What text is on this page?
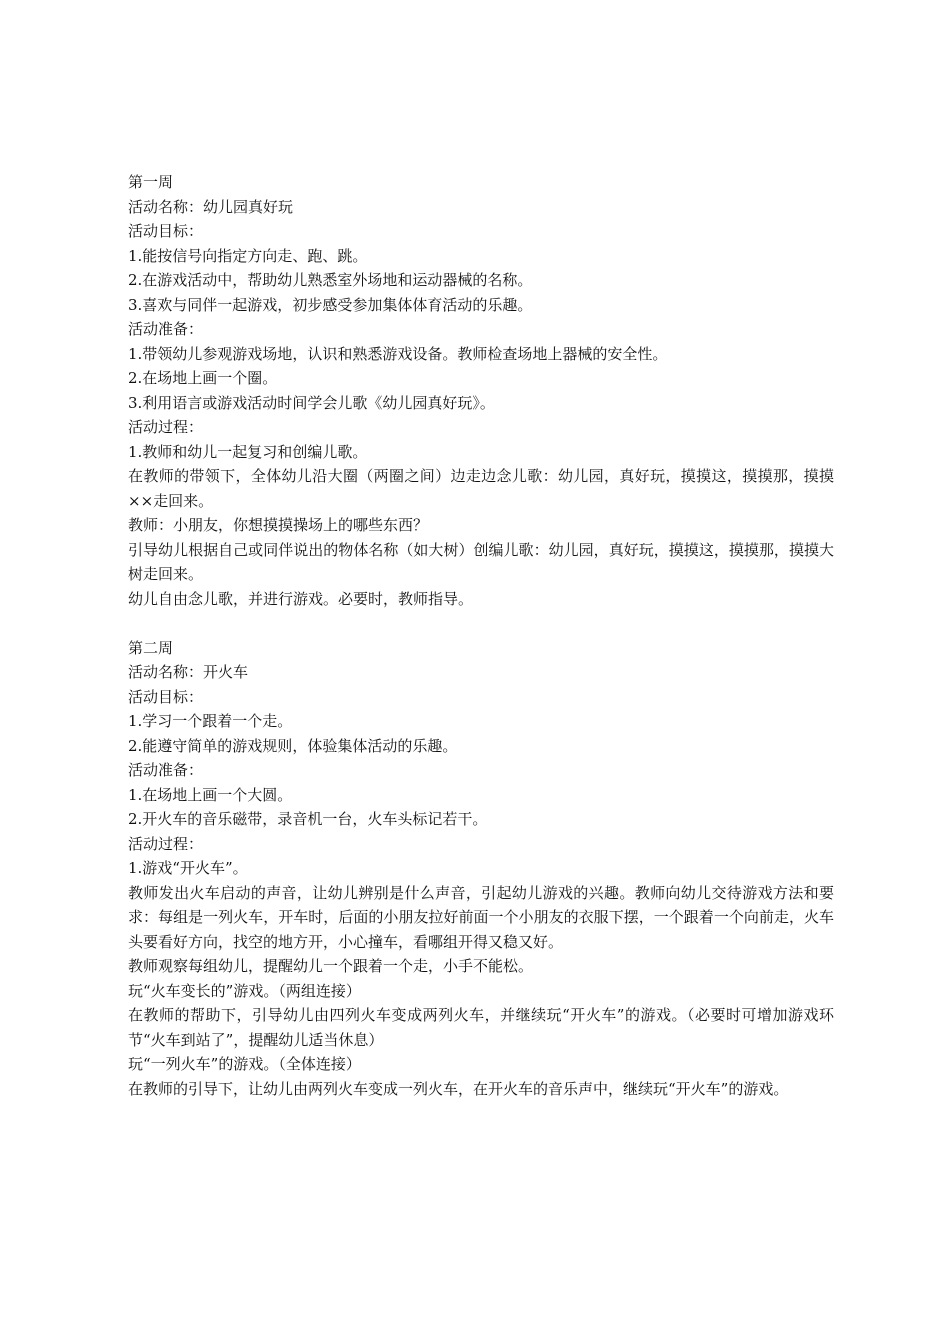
第一周

活动名称：幼儿园真好玩

活动目标：

1.能按信号向指定方向走、跑、跳。

2.在游戏活动中，帮助幼儿熟悉室外场地和运动器械的名称。

3.喜欢与同伴一起游戏，初步感受参加集体体育活动的乐趣。

活动准备：

1.带领幼儿参观游戏场地，认识和熟悉游戏设备。教师检查场地上器械的安全性。

2.在场地上画一个圈。

3.利用语言或游戏活动时间学会儿歌《幼儿园真好玩》。

活动过程：

1.教师和幼儿一起复习和创编儿歌。

在教师的带领下，全体幼儿沿大圈（两圈之间）边走边念儿歌：幼儿园，真好玩，摸摸这，摸摸那，摸摸××走回来。

教师：小朋友，你想摸摸操场上的哪些东西？

引导幼儿根据自己或同伴说出的物体名称（如大树）创编儿歌：幼儿园，真好玩，摸摸这，摸摸那，摸摸大树走回来。

幼儿自由念儿歌，并进行游戏。必要时，教师指导。

第二周

活动名称：开火车

活动目标：

1.学习一个跟着一个走。

2.能遵守简单的游戏规则，体验集体活动的乐趣。

活动准备：

1.在场地上画一个大圆。

2.开火车的音乐磁带，录音机一台，火车头标记若干。

活动过程：

1.游戏“开火车”。

教师发出火车启动的声音，让幼儿辨别是什么声音，引起幼儿游戏的兴趣。教师向幼儿交待游戏方法和要求：每组是一列火车，开车时，后面的小朋友拉好前面一个小朋友的衣服下摆，一个跟着一个向前走，火车头要看好方向，找空的地方开，小心撞车，看哪组开得又稳又好。

教师观察每组幼儿，提醒幼儿一个跟着一个走，小手不能松。

玩“火车变长的”游戏。（两组连接）

在教师的帮助下，引导幼儿由四列火车变成两列火车，并继续玩“开火车”的游戏。（必要时可增加游戏环节“火车到站了”，提醒幼儿适当休息）

玩“一列火车”的游戏。（全体连接）

在教师的引导下，让幼儿由两列火车变成一列火车，在开火车的音乐声中，继续玩“开火车”的游戏。
